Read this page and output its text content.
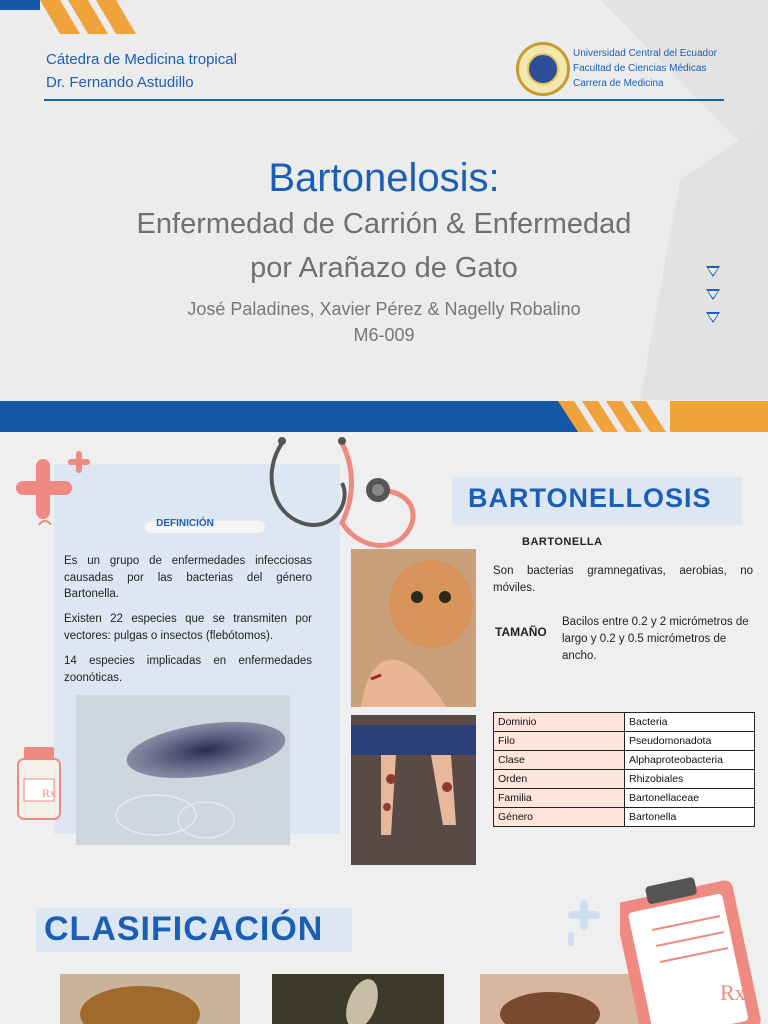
Cátedra de Medicina tropical
Dr. Fernando Astudillo
Universidad Central del Ecuador
Facultad de Ciencias Médicas
Carrera de Medicina
Bartonelosis:
Enfermedad de Carrión & Enfermedad
por Arañazo de Gato
José Paladines, Xavier Pérez & Nagelly Robalino
M6-009
DEFINICIÓN
Es un grupo de enfermedades infecciosas causadas por las bacterias del género Bartonella.
Existen 22 especies que se transmiten por vectores: pulgas o insectos (flebótomos).
14 especies implicadas en enfermedades zoonóticas.
Rx
BARTONELLOSIS
BARTONELLA
Son bacterias gramnegativas, aerobias, no móviles.
TAMAÑO
Bacilos entre 0.2 y 2 micrómetros de largo y 0.2 y 0.5 micrómetros de ancho.
Dominio	Bacteria
Filo	Pseudomonadota
Clase	Alphaproteobacteria
Orden	Rhizobiales
Familia	Bartonellaceae
Género	Bartonella
CLASIFICACIÓN
Rx
